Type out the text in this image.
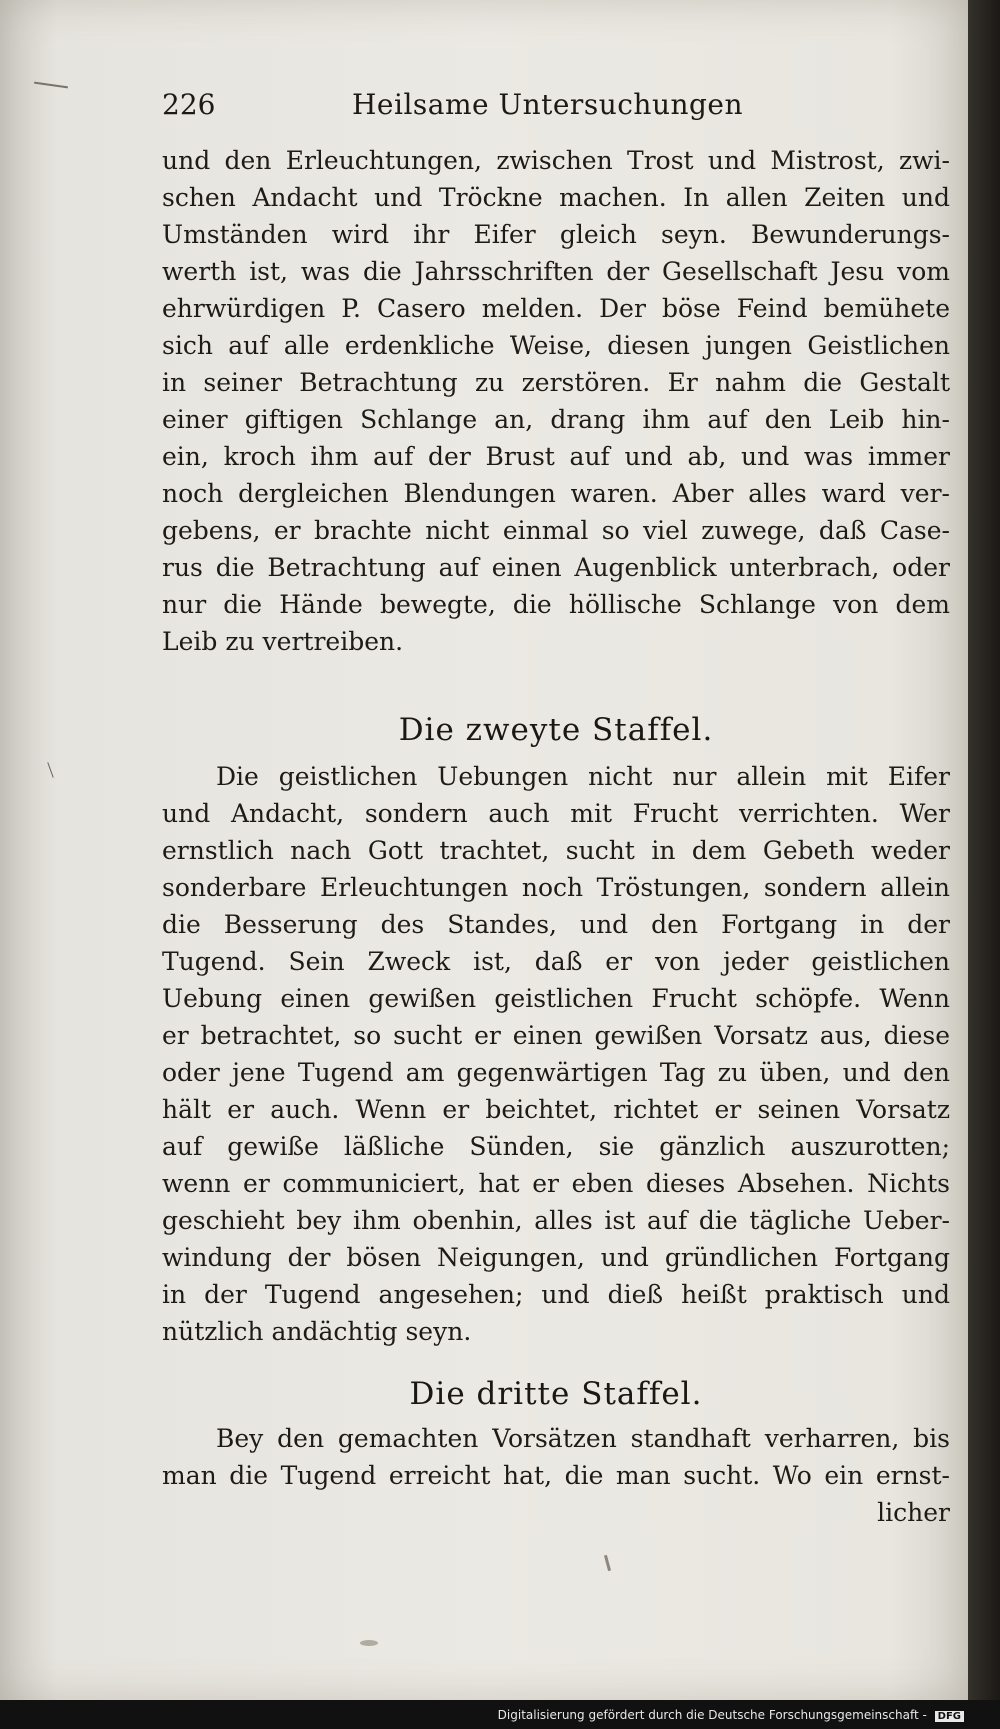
226	Heilsame Untersuchungen
und den Erleuchtungen, zwischen Trost und Mistrost, zwi-
schen Andacht und Tröckne machen. In allen Zeiten und
Umständen wird ihr Eifer gleich seyn. Bewunderungs-
werth ist, was die Jahrsschriften der Gesellschaft Jesu vom
ehrwürdigen P. Casero melden. Der böse Feind bemühete
sich auf alle erdenkliche Weise, diesen jungen Geistlichen
in seiner Betrachtung zu zerstören. Er nahm die Gestalt
einer giftigen Schlange an, drang ihm auf den Leib hin-
ein, kroch ihm auf der Brust auf und ab, und was immer
noch dergleichen Blendungen waren. Aber alles ward ver-
gebens, er brachte nicht einmal so viel zuwege, daß Case-
rus die Betrachtung auf einen Augenblick unterbrach, oder
nur die Hände bewegte, die höllische Schlange von dem
Leib zu vertreiben.
Die zweyte Staffel.
Die geistlichen Uebungen nicht nur allein mit Eifer
und Andacht, sondern auch mit Frucht verrichten. Wer
ernstlich nach Gott trachtet, sucht in dem Gebeth weder
sonderbare Erleuchtungen noch Tröstungen, sondern allein
die Besserung des Standes, und den Fortgang in der
Tugend. Sein Zweck ist, daß er von jeder geistlichen
Uebung einen gewißen geistlichen Frucht schöpfe. Wenn
er betrachtet, so sucht er einen gewißen Vorsatz aus, diese
oder jene Tugend am gegenwärtigen Tag zu üben, und den
hält er auch. Wenn er beichtet, richtet er seinen Vorsatz
auf gewiße läßliche Sünden, sie gänzlich auszurotten;
wenn er communiciert, hat er eben dieses Absehen. Nichts
geschieht bey ihm obenhin, alles ist auf die tägliche Ueber-
windung der bösen Neigungen, und gründlichen Fortgang
in der Tugend angesehen; und dieß heißt praktisch und
nützlich andächtig seyn.
Die dritte Staffel.
Bey den gemachten Vorsätzen standhaft verharren, bis
man die Tugend erreicht hat, die man sucht. Wo ein ernst-
licher
Digitalisierung gefördert durch die Deutsche Forschungsgemeinschaft - DFG
